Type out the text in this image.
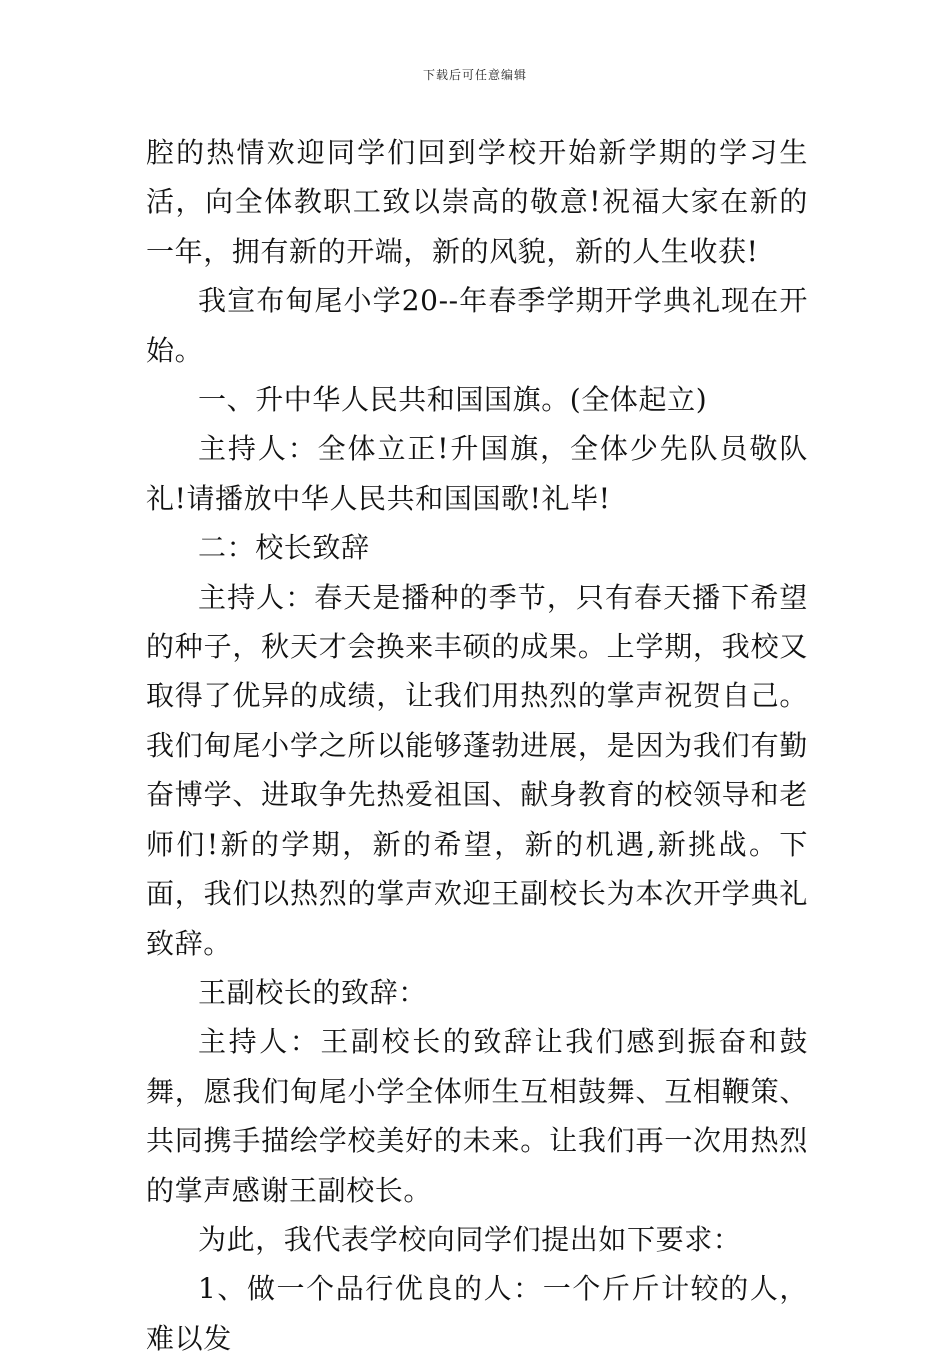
下载后可任意编辑

腔的热情欢迎同学们回到学校开始新学期的学习生活，向全体教职工致以崇高的敬意!祝福大家在新的一年，拥有新的开端，新的风貌，新的人生收获!

我宣布甸尾小学20--年春季学期开学典礼现在开始。

一、升中华人民共和国国旗。(全体起立)

主持人：全体立正!升国旗，全体少先队员敬队礼!请播放中华人民共和国国歌!礼毕!

二：校长致辞

主持人：春天是播种的季节，只有春天播下希望的种子，秋天才会换来丰硕的成果。上学期，我校又取得了优异的成绩，让我们用热烈的掌声祝贺自己。我们甸尾小学之所以能够蓬勃进展，是因为我们有勤奋博学、进取争先热爱祖国、献身教育的校领导和老师们!新的学期，新的希望，新的机遇,新挑战。下面，我们以热烈的掌声欢迎王副校长为本次开学典礼致辞。

王副校长的致辞：

主持人：王副校长的致辞让我们感到振奋和鼓舞，愿我们甸尾小学全体师生互相鼓舞、互相鞭策、共同携手描绘学校美好的未来。让我们再一次用热烈的掌声感谢王副校长。

为此，我代表学校向同学们提出如下要求：

1、做一个品行优良的人：一个斤斤计较的人，难以发
